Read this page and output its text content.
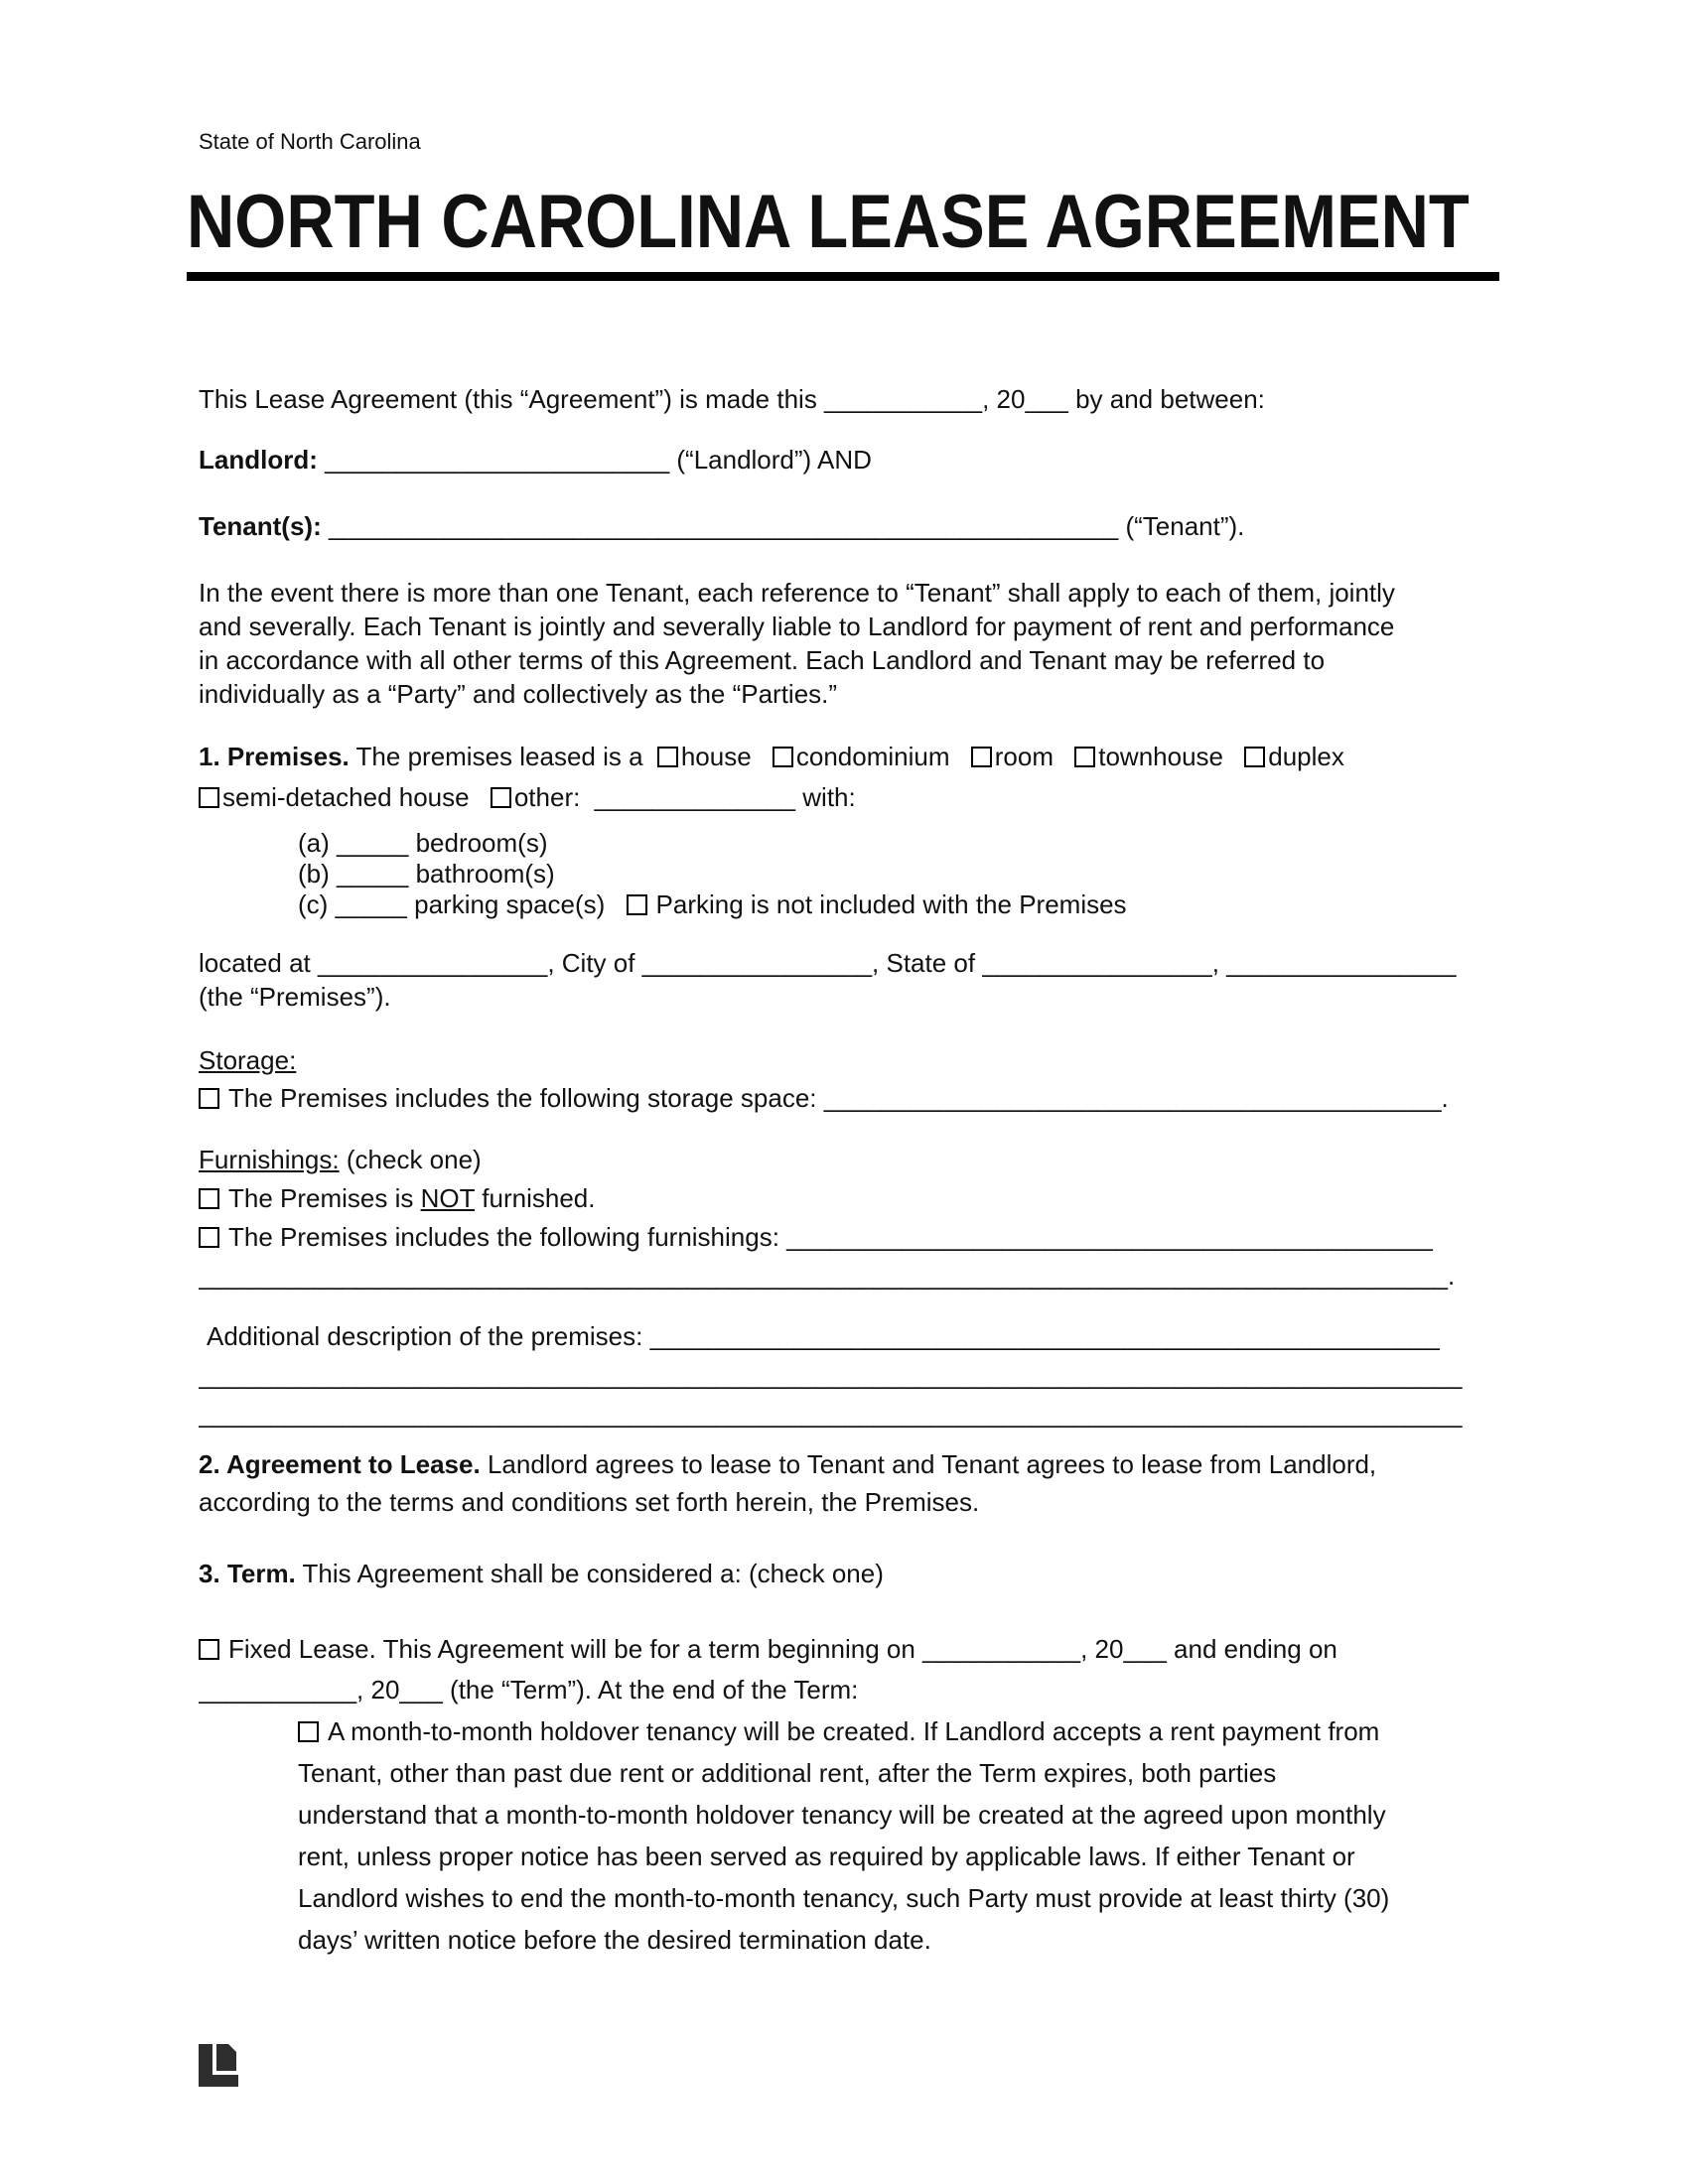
State of North Carolina
NORTH CAROLINA LEASE AGREEMENT
This Lease Agreement (this “Agreement”) is made this ___________, 20___ by and between:
Landlord: ________________________ (“Landlord”) AND
Tenant(s): _______________________________________________________ (“Tenant”).
In the event there is more than one Tenant, each reference to “Tenant” shall apply to each of them, jointly
and severally. Each Tenant is jointly and severally liable to Landlord for payment of rent and performance
in accordance with all other terms of this Agreement. Each Landlord and Tenant may be referred to
individually as a “Party” and collectively as the “Parties.”
1. Premises. The premises leased is a house condominium room townhouse duplex
semi-detached house other: ______________ with:
(a) _____ bedroom(s)
(b) _____ bathroom(s)
(c) _____ parking space(s) Parking is not included with the Premises
located at ________________, City of ________________, State of ________________, ________________
(the “Premises”).
Storage:
The Premises includes the following storage space: ___________________________________________.
Furnishings: (check one)
The Premises is NOT furnished.
The Premises includes the following furnishings: _____________________________________________
_______________________________________________________________________________________.
Additional description of the premises: _______________________________________________________
________________________________________________________________________________________
________________________________________________________________________________________
2. Agreement to Lease. Landlord agrees to lease to Tenant and Tenant agrees to lease from Landlord,
according to the terms and conditions set forth herein, the Premises.
3. Term. This Agreement shall be considered a: (check one)
Fixed Lease. This Agreement will be for a term beginning on ___________, 20___ and ending on
___________, 20___ (the “Term”). At the end of the Term:
A month-to-month holdover tenancy will be created. If Landlord accepts a rent payment from
Tenant, other than past due rent or additional rent, after the Term expires, both parties
understand that a month-to-month holdover tenancy will be created at the agreed upon monthly
rent, unless proper notice has been served as required by applicable laws. If either Tenant or
Landlord wishes to end the month-to-month tenancy, such Party must provide at least thirty (30)
days’ written notice before the desired termination date.
